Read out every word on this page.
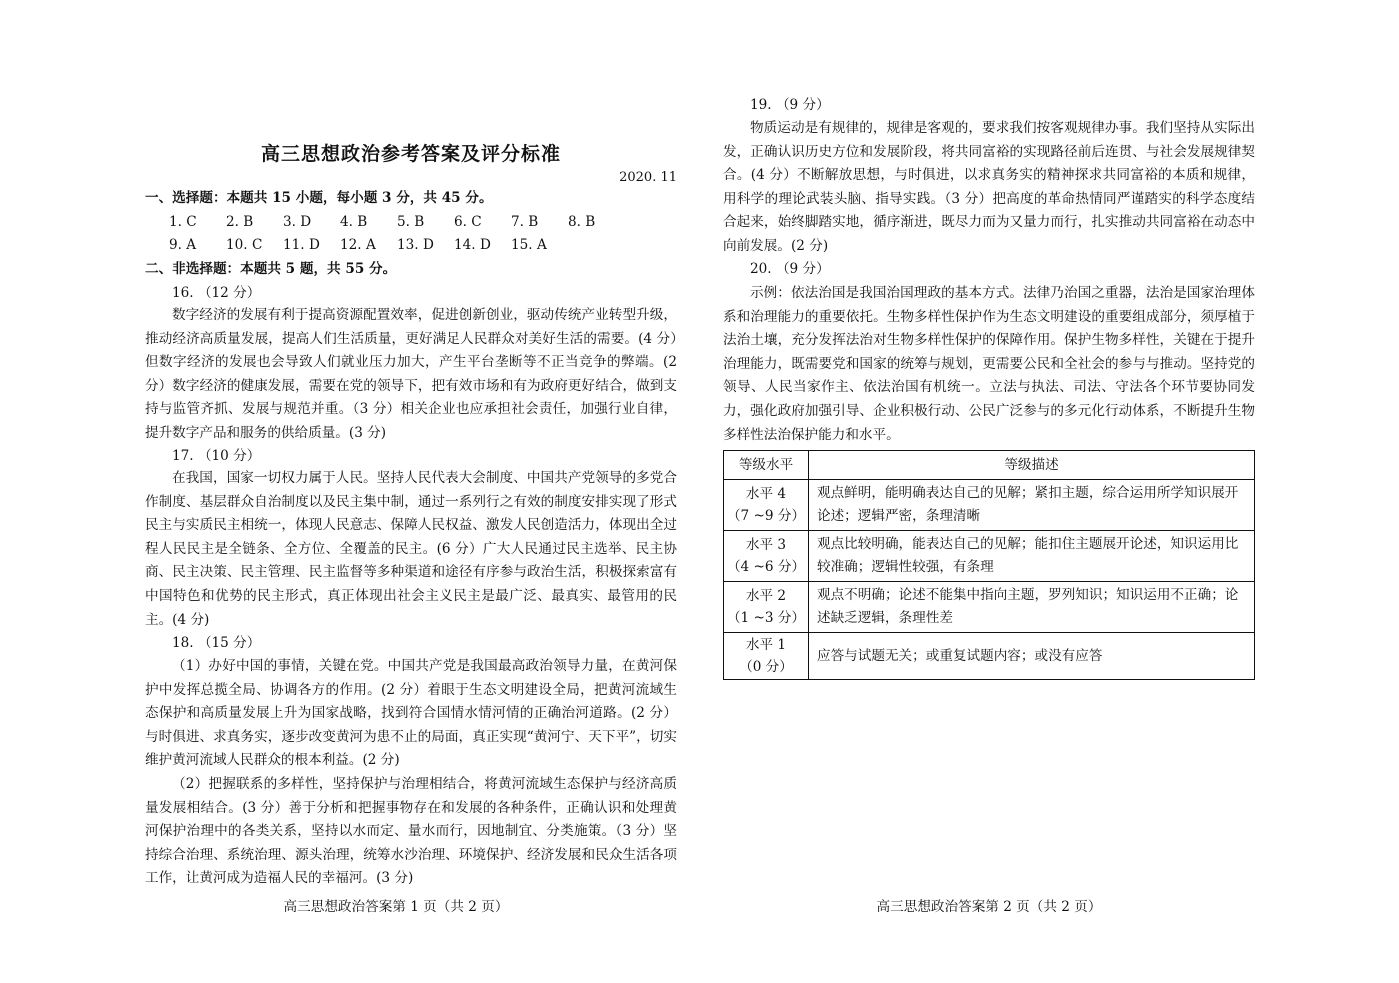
高三思想政治参考答案及评分标准
2020. 11
一、选择题：本题共 15 小题，每小题 3 分，共 45 分。
1. C 2. B 3. D 4. B 5. B 6. C 7. B 8. B
9. A 10. C 11. D 12. A 13. D 14. D 15. A
二、非选择题：本题共 5 题，共 55 分。
16. （12 分）

数字经济的发展有利于提高资源配置效率，促进创新创业，驱动传统产业转型升级，推动经济高质量发展，提高人们生活质量，更好满足人民群众对美好生活的需要。(4 分）但数字经济的发展也会导致人们就业压力加大，产生平台垄断等不正当竞争的弊端。(2 分）数字经济的健康发展，需要在党的领导下，把有效市场和有为政府更好结合，做到支持与监管齐抓、发展与规范并重。（3 分）相关企业也应承担社会责任，加强行业自律，提升数字产品和服务的供给质量。(3 分)

17. （10 分）

在我国，国家一切权力属于人民。坚持人民代表大会制度、中国共产党领导的多党合作制度、基层群众自治制度以及民主集中制，通过一系列行之有效的制度安排实现了形式民主与实质民主相统一，体现人民意志、保障人民权益、激发人民创造活力，体现出全过程人民民主是全链条、全方位、全覆盖的民主。(6 分）广大人民通过民主选举、民主协商、民主决策、民主管理、民主监督等多种渠道和途径有序参与政治生活，积极探索富有中国特色和优势的民主形式，真正体现出社会主义民主是最广泛、最真实、最管用的民主。(4 分)

18. （15 分）

（1）办好中国的事情，关键在党。中国共产党是我国最高政治领导力量，在黄河保护中发挥总揽全局、协调各方的作用。(2 分）着眼于生态文明建设全局，把黄河流域生态保护和高质量发展上升为国家战略，找到符合国情水情河情的正确治河道路。(2 分）与时俱进、求真务实，逐步改变黄河为患不止的局面，真正实现“黄河宁、天下平”，切实维护黄河流域人民群众的根本利益。(2 分)

（2）把握联系的多样性，坚持保护与治理相结合，将黄河流域生态保护与经济高质量发展相结合。(3 分）善于分析和把握事物存在和发展的各种条件，正确认识和处理黄河保护治理中的各类关系，坚持以水而定、量水而行，因地制宜、分类施策。（3 分）坚持综合治理、系统治理、源头治理，统筹水沙治理、环境保护、经济发展和民众生活各项工作，让黄河成为造福人民的幸福河。(3 分)

高三思想政治答案第 1 页（共 2 页）
19. （9 分）

物质运动是有规律的，规律是客观的，要求我们按客观规律办事。我们坚持从实际出发，正确认识历史方位和发展阶段，将共同富裕的实现路径前后连贯、与社会发展规律契合。(4 分）不断解放思想，与时俱进，以求真务实的精神探求共同富裕的本质和规律，用科学的理论武装头脑、指导实践。（3 分）把高度的革命热情同严谨踏实的科学态度结合起来，始终脚踏实地，循序渐进，既尽力而为又量力而行，扎实推动共同富裕在动态中向前发展。(2 分)

20. （9 分）

示例：依法治国是我国治国理政的基本方式。法律乃治国之重器，法治是国家治理体系和治理能力的重要依托。生物多样性保护作为生态文明建设的重要组成部分，须厚植于法治土壤，充分发挥法治对生物多样性保护的保障作用。保护生物多样性，关键在于提升治理能力，既需要党和国家的统筹与规划，更需要公民和全社会的参与与推动。坚持党的领导、人民当家作主、依法治国有机统一。立法与执法、司法、守法各个环节要协同发力，强化政府加强引导、企业积极行动、公民广泛参与的多元化行动体系，不断提升生物多样性法治保护能力和水平。

等级水平	等级描述

水平 4
（7 ~9 分）	观点鲜明，能明确表达自己的见解；紧扣主题，综合运用所学知识展开论述；逻辑严密，条理清晰

水平 3
（4 ~6 分）	观点比较明确，能表达自己的见解；能扣住主题展开论述，知识运用比较准确；逻辑性较强，有条理

水平 2
（1 ~3 分）	观点不明确；论述不能集中指向主题，罗列知识；知识运用不正确；论述缺乏逻辑，条理性差

水平 1
（0 分）	应答与试题无关；或重复试题内容；或没有应答
高三思想政治答案第 2 页（共 2 页）
